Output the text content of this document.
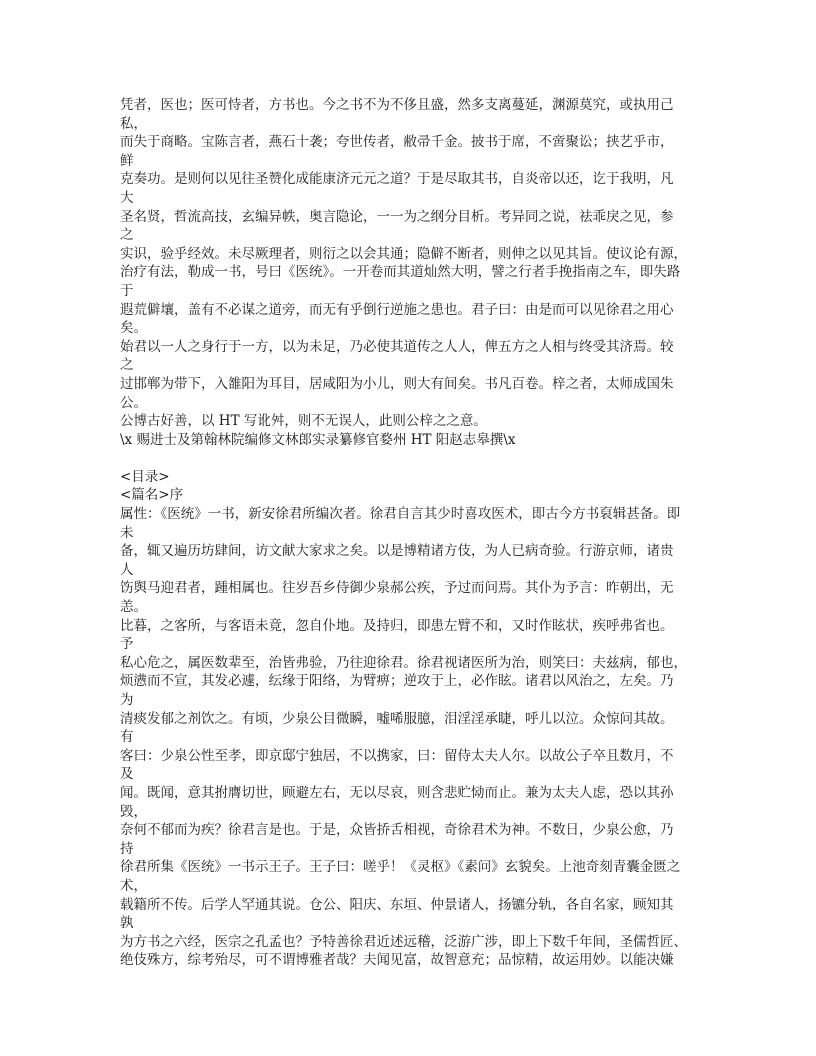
凭者，医也；医可恃者，方书也。今之书不为不侈且盛，然多支离蔓延，渊源莫究，或执用己
私，
而失于商略。宝陈言者，燕石十袭；夸世传者，敝帚千金。披书于席，不啻聚讼；挟艺乎市，
鲜
克奏功。是则何以见往圣赞化成能康济元元之道？于是尽取其书，自炎帝以还，讫于我明，凡
大
圣名贤，哲流高技，玄编异帙，奥言隐论，一一为之纲分目析。考异同之说，祛乖戾之见，参
之
实识，验乎经效。未尽厥理者，则衍之以会其通；隐僻不断者，则伸之以见其旨。使议论有源，
治疗有法，勒成一书，号曰《医统》。一开卷而其道灿然大明，譬之行者手挽指南之车，即失路
于
遐荒僻壤，盖有不必谋之道旁，而无有乎倒行逆施之患也。君子曰：由是而可以见徐君之用心
矣。
始君以一人之身行于一方，以为未足，乃必使其道传之人人，俾五方之人相与终受其济焉。较
之
过邯郸为带下，入雒阳为耳目，居咸阳为小儿，则大有间矣。书凡百卷。梓之者，太师成国朱
公。
公博古好善，以 HT 写讹舛，则不无误人，此则公梓之之意。
\x 赐进士及第翰林院编修文林郎实录纂修官婺州 HT 阳赵志皋撰\x
<目录>
<篇名>序
属性：《医统》一书，新安徐君所编次者。徐君自言其少时喜攻医术，即古今方书裒辑甚备。即
未
备，辄又遍历坊肆间，访文献大家求之矣。以是博精诸方伎，为人已病奇验。行游京师，诸贵
人
饬舆马迎君者，踵相属也。往岁吾乡侍御少泉郝公疾，予过而问焉。其仆为予言：昨朝出，无
恙。
比暮，之客所，与客语未竟，忽自仆地。及持归，即患左臂不和，又时作眩状，疾呼弗省也。
予
私心危之，属医数辈至，治皆弗验，乃往迎徐君。徐君视诸医所为治，则笑曰：夫兹病，郁也，
烦懑而不宣，其发必遽，纭缘于阳络，为臂痹；逆攻于上，必作眩。诸君以风治之，左矣。乃
为
清痰发郁之剂饮之。有顷，少泉公目微瞬，嘘唏服臆，泪淫淫承睫，呼儿以泣。众惊问其故。
有
客曰：少泉公性至孝，即京邸宁独居，不以携家，曰：留侍太夫人尔。以故公子卒且数月，不
及
闻。既闻，意其拊膺切世，顾避左右，无以尽哀，则含悲贮恸而止。兼为太夫人虑，恐以其孙
毁，
奈何不郁而为疾？徐君言是也。于是，众皆挢舌相视，奇徐君术为神。不数日，少泉公愈，乃
持
徐君所集《医统》一书示王子。王子曰：嗟乎！《灵枢》《素问》玄貌矣。上池奇刻青囊金匮之
术，
载籍所不传。后学人罕通其说。仓公、阳庆、东垣、仲景诸人，扬镳分轨，各自名家，顾知其
孰
为方书之六经，医宗之孔孟也？予特善徐君近述远稽，泛游广涉，即上下数千年间，圣儒哲匠、
绝伎殊方，综考殆尽，可不谓博雅者哉？夫闻见富，故智意充；品惊精，故运用妙。以能决嫌
